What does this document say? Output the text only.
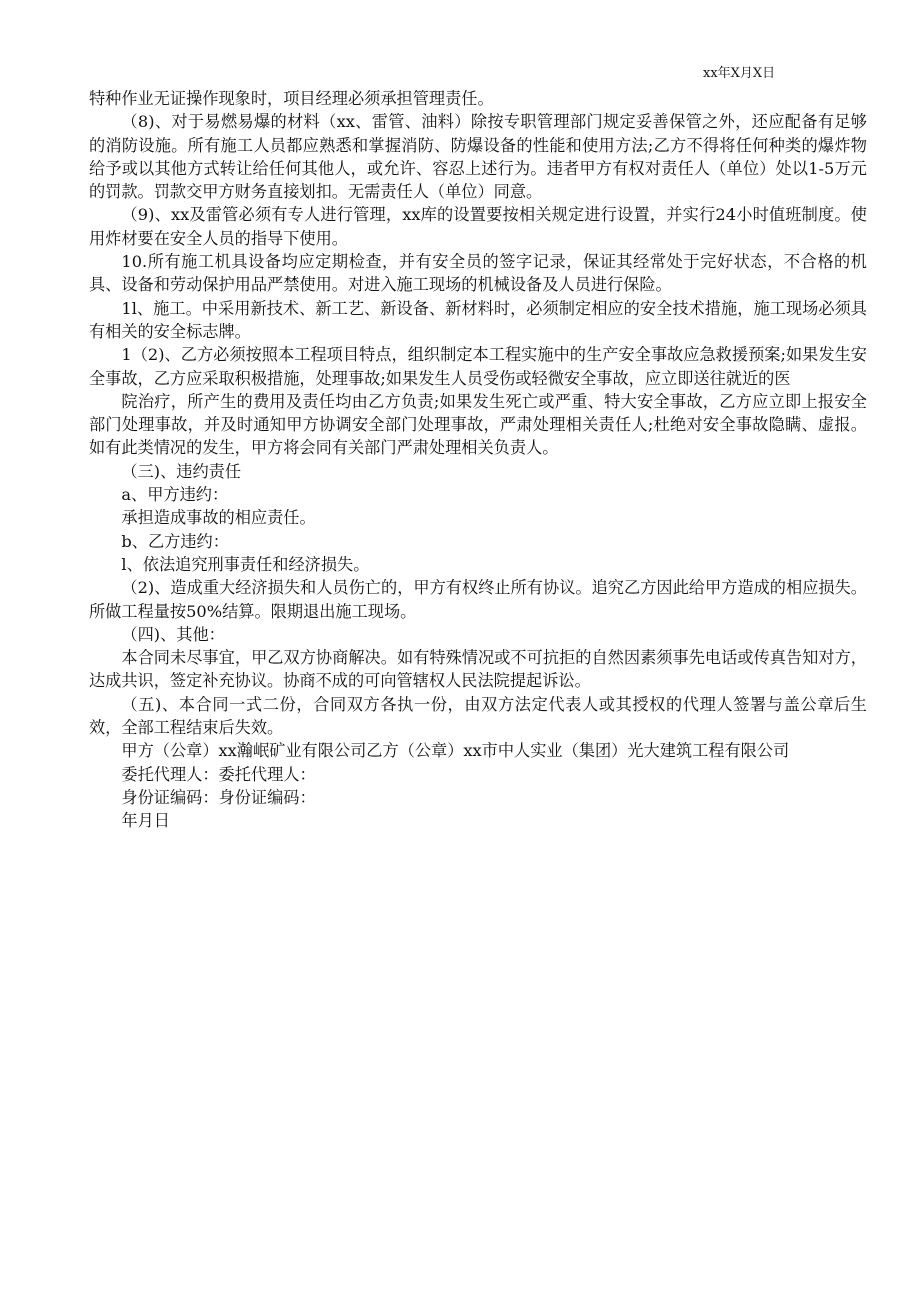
xx年X月X日

特种作业无证操作现象时，项目经理必须承担管理责任。

（8)、对于易燃易爆的材料（xx、雷管、油料）除按专职管理部门规定妥善保管之外，还应配备有足够的消防设施。所有施工人员都应熟悉和掌握消防、防爆设备的性能和使用方法;乙方不得将任何种类的爆炸物给予或以其他方式转让给任何其他人，或允许、容忍上述行为。违者甲方有权对责任人（单位）处以1-5万元的罚款。罚款交甲方财务直接划扣。无需责任人（单位）同意。

（9)、xx及雷管必须有专人进行管理，xx库的设置要按相关规定进行设置，并实行24小时值班制度。使用炸材要在安全人员的指导下使用。

10.所有施工机具设备均应定期检查，并有安全员的签字记录，保证其经常处于完好状态，不合格的机具、设备和劳动保护用品严禁使用。对进入施工现场的机械设备及人员进行保险。

1l、施工。中采用新技术、新工艺、新设备、新材料时，必须制定相应的安全技术措施，施工现场必须具有相关的安全标志牌。

1（2)、乙方必须按照本工程项目特点，组织制定本工程实施中的生产安全事故应急救援预案;如果发生安全事故，乙方应采取积极措施，处理事故;如果发生人员受伤或轻微安全事故，应立即送往就近的医

院治疗，所产生的费用及责任均由乙方负责;如果发生死亡或严重、特大安全事故，乙方应立即上报安全部门处理事故，并及时通知甲方协调安全部门处理事故，严肃处理相关责任人;杜绝对安全事故隐瞒、虚报。如有此类情况的发生，甲方将会同有关部门严肃处理相关负责人。

（三)、违约责任

a、甲方违约：

承担造成事故的相应责任。

b、乙方违约：

l、依法追究刑事责任和经济损失。

（2)、造成重大经济损失和人员伤亡的，甲方有权终止所有协议。追究乙方因此给甲方造成的相应损失。所做工程量按50%结算。限期退出施工现场。

（四)、其他：

本合同未尽事宜，甲乙双方协商解决。如有特殊情况或不可抗拒的自然因素须事先电话或传真告知对方，达成共识，签定补充协议。协商不成的可向管辖权人民法院提起诉讼。

（五)、本合同一式二份，合同双方各执一份，由双方法定代表人或其授权的代理人签署与盖公章后生效，全部工程结束后失效。

甲方（公章）xx瀚岷矿业有限公司乙方（公章）xx市中人实业（集团）光大建筑工程有限公司

委托代理人：委托代理人：

身份证编码：身份证编码：

年月日
